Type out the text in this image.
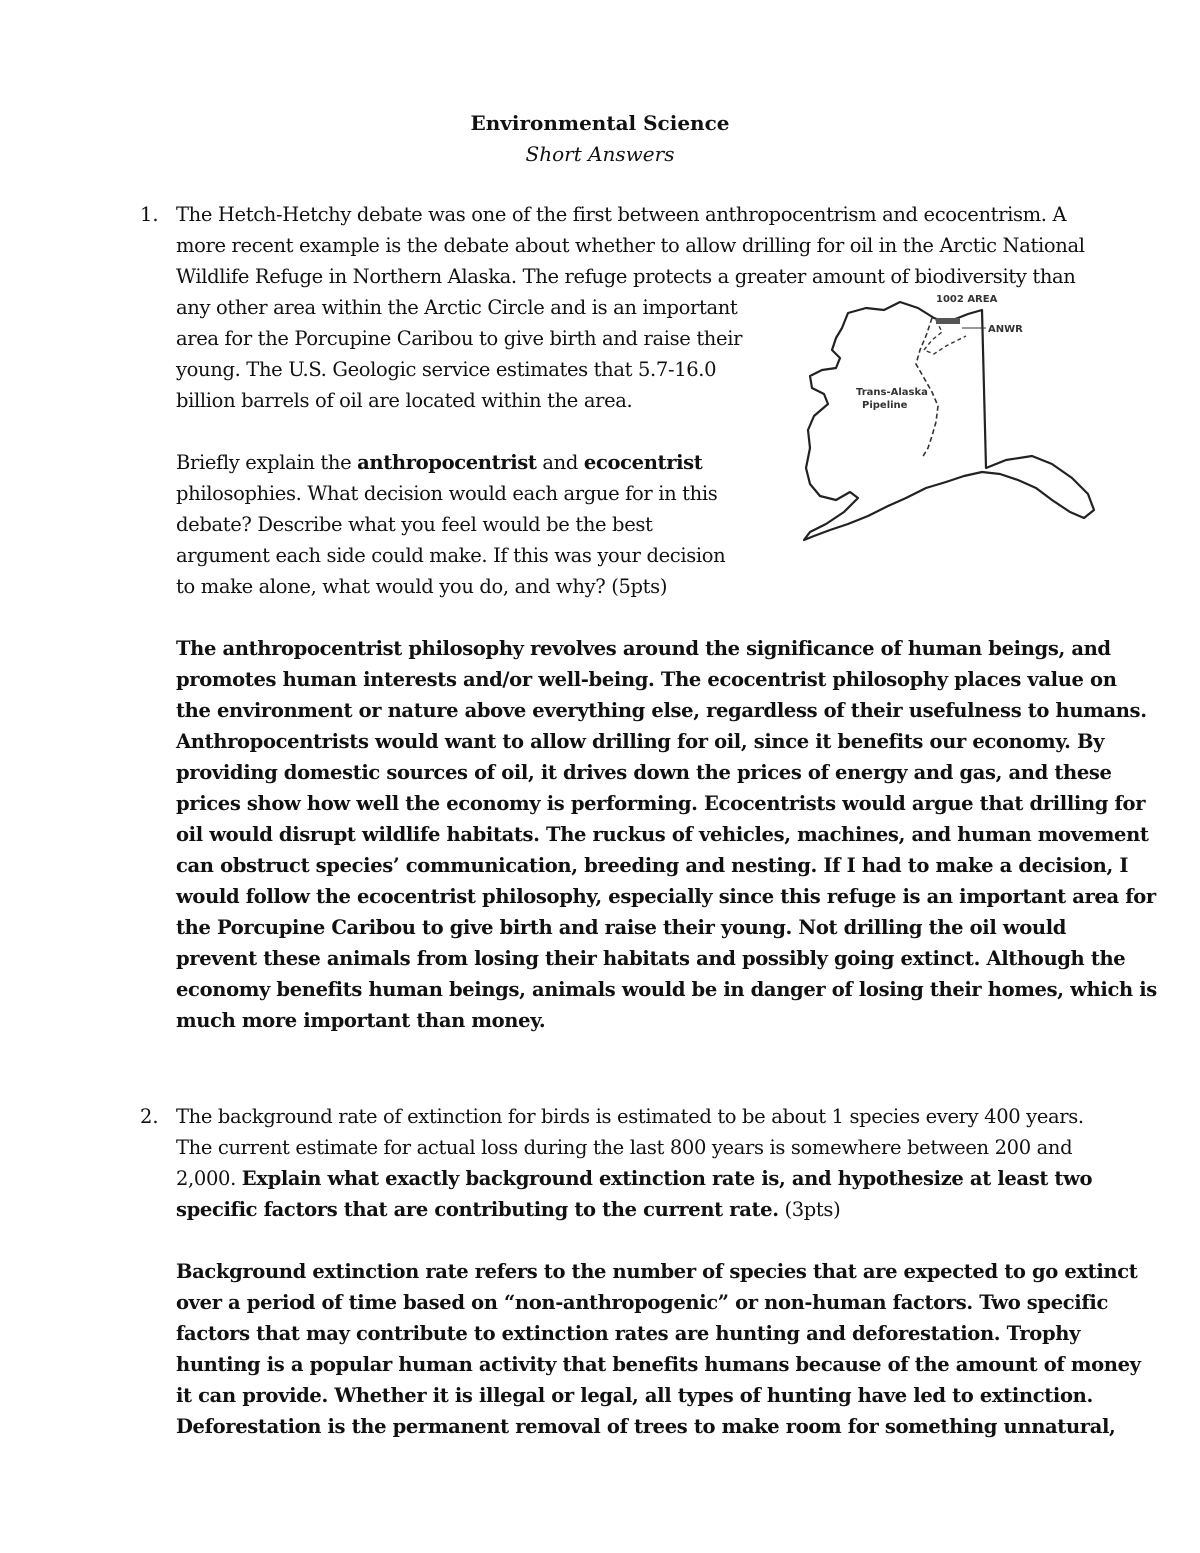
Environmental Science
Short Answers
1. The Hetch-Hetchy debate was one of the first between anthropocentrism and ecocentrism. A
more recent example is the debate about whether to allow drilling for oil in the Arctic National
Wildlife Refuge in Northern Alaska. The refuge protects a greater amount of biodiversity than
any other area within the Arctic Circle and is an important
area for the Porcupine Caribou to give birth and raise their
young. The U.S. Geologic service estimates that 5.7-16.0
billion barrels of oil are located within the area.
Briefly explain the anthropocentrist and ecocentrist
philosophies. What decision would each argue for in this
debate? Describe what you feel would be the best
argument each side could make. If this was your decision
to make alone, what would you do, and why? (5pts)
1002 AREA
ANWR
Trans-Alaska
Pipeline
The anthropocentrist philosophy revolves around the significance of human beings, and
promotes human interests and/or well-being. The ecocentrist philosophy places value on
the environment or nature above everything else, regardless of their usefulness to humans.
Anthropocentrists would want to allow drilling for oil, since it benefits our economy. By
providing domestic sources of oil, it drives down the prices of energy and gas, and these
prices show how well the economy is performing. Ecocentrists would argue that drilling for
oil would disrupt wildlife habitats. The ruckus of vehicles, machines, and human movement
can obstruct species’ communication, breeding and nesting. If I had to make a decision, I
would follow the ecocentrist philosophy, especially since this refuge is an important area for
the Porcupine Caribou to give birth and raise their young. Not drilling the oil would
prevent these animals from losing their habitats and possibly going extinct. Although the
economy benefits human beings, animals would be in danger of losing their homes, which is
much more important than money.
2. The background rate of extinction for birds is estimated to be about 1 species every 400 years.
The current estimate for actual loss during the last 800 years is somewhere between 200 and
2,000. Explain what exactly background extinction rate is, and hypothesize at least two
specific factors that are contributing to the current rate. (3pts)
Background extinction rate refers to the number of species that are expected to go extinct
over a period of time based on “non-anthropogenic” or non-human factors. Two specific
factors that may contribute to extinction rates are hunting and deforestation. Trophy
hunting is a popular human activity that benefits humans because of the amount of money
it can provide. Whether it is illegal or legal, all types of hunting have led to extinction.
Deforestation is the permanent removal of trees to make room for something unnatural,
